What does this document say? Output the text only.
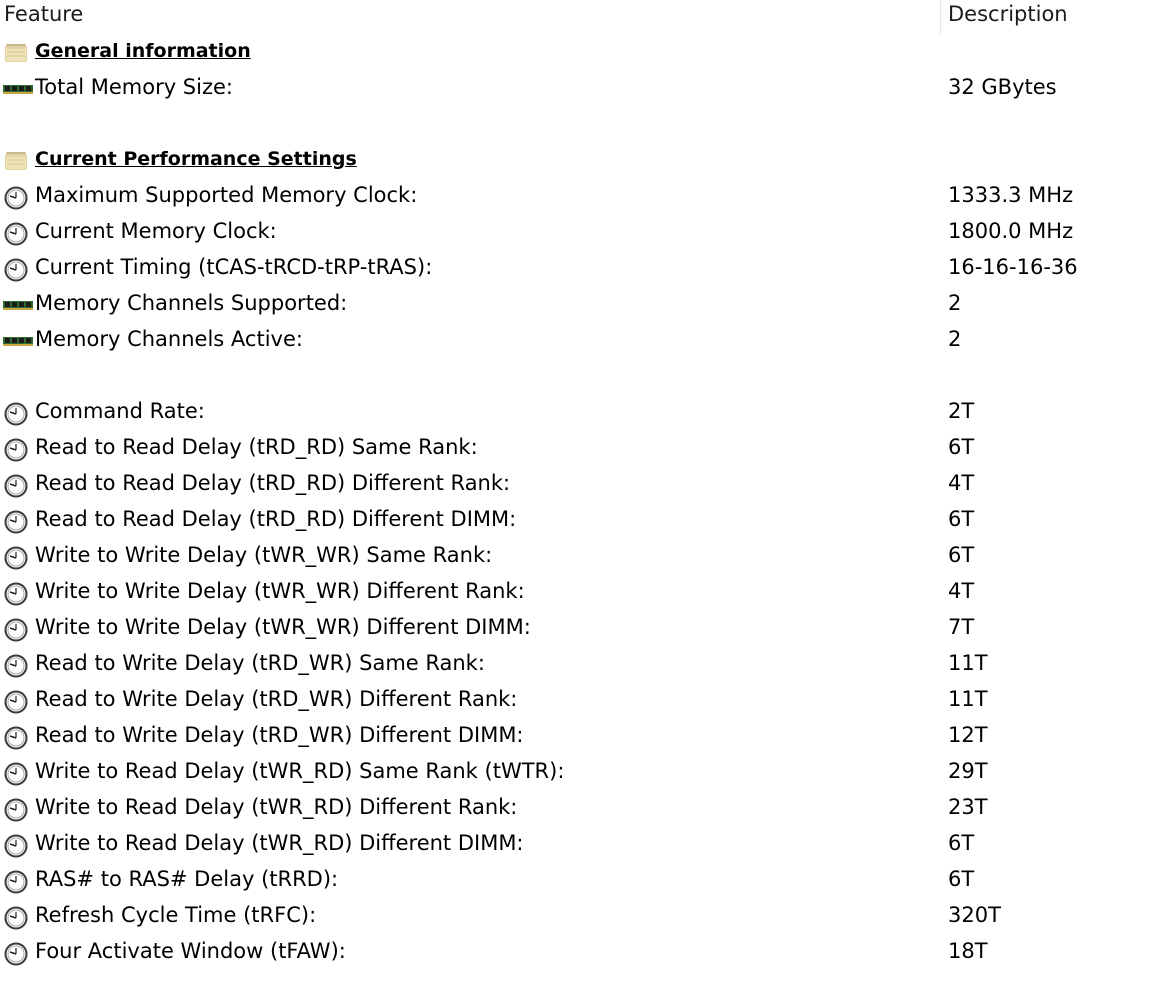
Feature	Description
General information
Total Memory Size:	32 GBytes
Current Performance Settings
Maximum Supported Memory Clock:	1333.3 MHz
Current Memory Clock:	1800.0 MHz
Current Timing (tCAS-tRCD-tRP-tRAS):	16-16-16-36
Memory Channels Supported:	2
Memory Channels Active:	2
Command Rate:	2T
Read to Read Delay (tRD_RD) Same Rank:	6T
Read to Read Delay (tRD_RD) Different Rank:	4T
Read to Read Delay (tRD_RD) Different DIMM:	6T
Write to Write Delay (tWR_WR) Same Rank:	6T
Write to Write Delay (tWR_WR) Different Rank:	4T
Write to Write Delay (tWR_WR) Different DIMM:	7T
Read to Write Delay (tRD_WR) Same Rank:	11T
Read to Write Delay (tRD_WR) Different Rank:	11T
Read to Write Delay (tRD_WR) Different DIMM:	12T
Write to Read Delay (tWR_RD) Same Rank (tWTR):	29T
Write to Read Delay (tWR_RD) Different Rank:	23T
Write to Read Delay (tWR_RD) Different DIMM:	6T
RAS# to RAS# Delay (tRRD):	6T
Refresh Cycle Time (tRFC):	320T
Four Activate Window (tFAW):	18T
